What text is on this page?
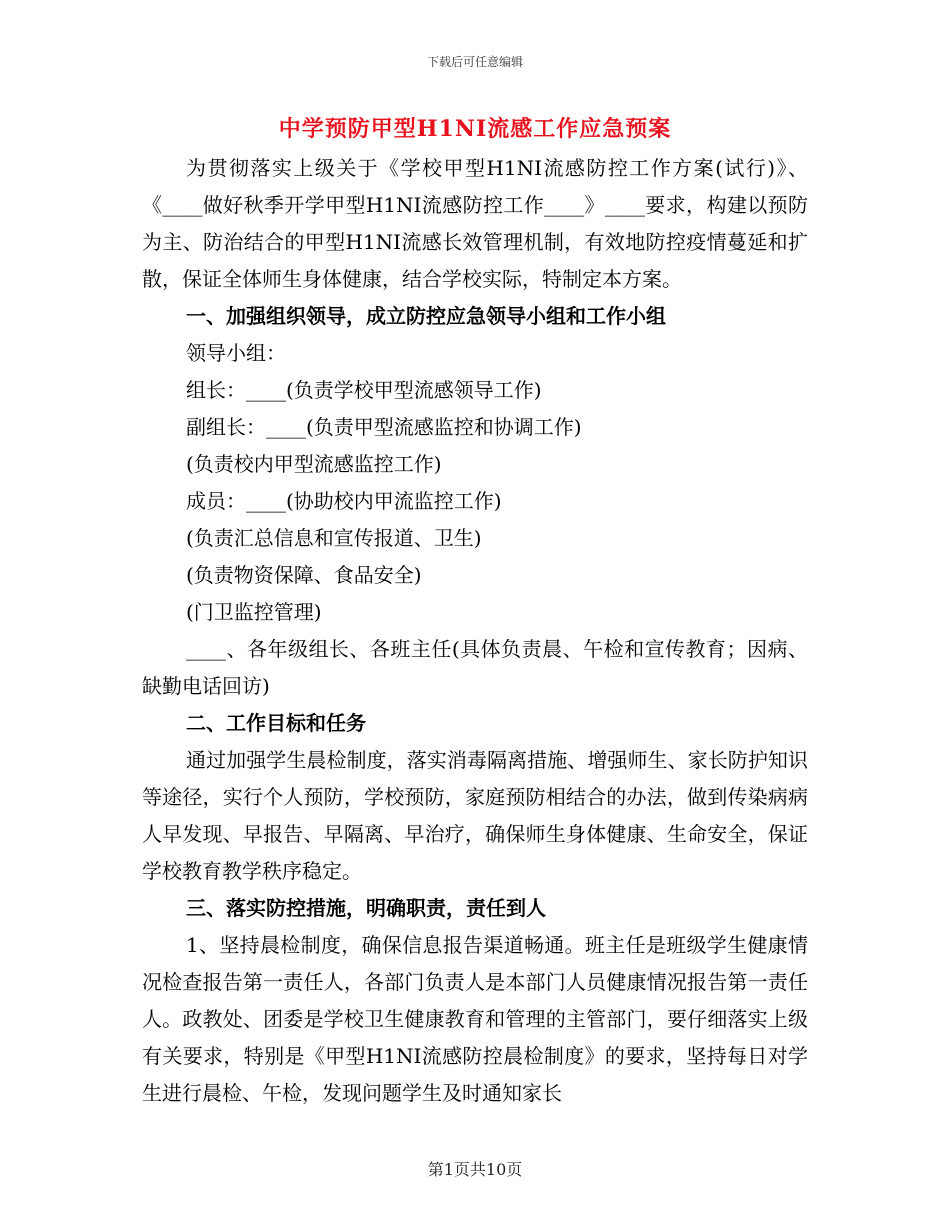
下载后可任意编辑
中学预防甲型H1NI流感工作应急预案

为贯彻落实上级关于《学校甲型H1NI流感防控工作方案(试行)》、《____做好秋季开学甲型H1NI流感防控工作____》____要求，构建以预防为主、防治结合的甲型H1NI流感长效管理机制，有效地防控疫情蔓延和扩散，保证全体师生身体健康，结合学校实际，特制定本方案。

一、加强组织领导，成立防控应急领导小组和工作小组

领导小组：

组长：____(负责学校甲型流感领导工作)

副组长：____(负责甲型流感监控和协调工作)

(负责校内甲型流感监控工作)

成员：____(协助校内甲流监控工作)

(负责汇总信息和宣传报道、卫生)

(负责物资保障、食品安全)

(门卫监控管理)

____、各年级组长、各班主任(具体负责晨、午检和宣传教育；因病、缺勤电话回访)

二、工作目标和任务

通过加强学生晨检制度，落实消毒隔离措施、增强师生、家长防护知识等途径，实行个人预防，学校预防，家庭预防相结合的办法，做到传染病病人早发现、早报告、早隔离、早治疗，确保师生身体健康、生命安全，保证学校教育教学秩序稳定。

三、落实防控措施，明确职责，责任到人

1、坚持晨检制度，确保信息报告渠道畅通。班主任是班级学生健康情况检查报告第一责任人，各部门负责人是本部门人员健康情况报告第一责任人。政教处、团委是学校卫生健康教育和管理的主管部门，要仔细落实上级有关要求，特别是《甲型H1NI流感防控晨检制度》的要求，坚持每日对学生进行晨检、午检，发现问题学生及时通知家长

第1页共10页
